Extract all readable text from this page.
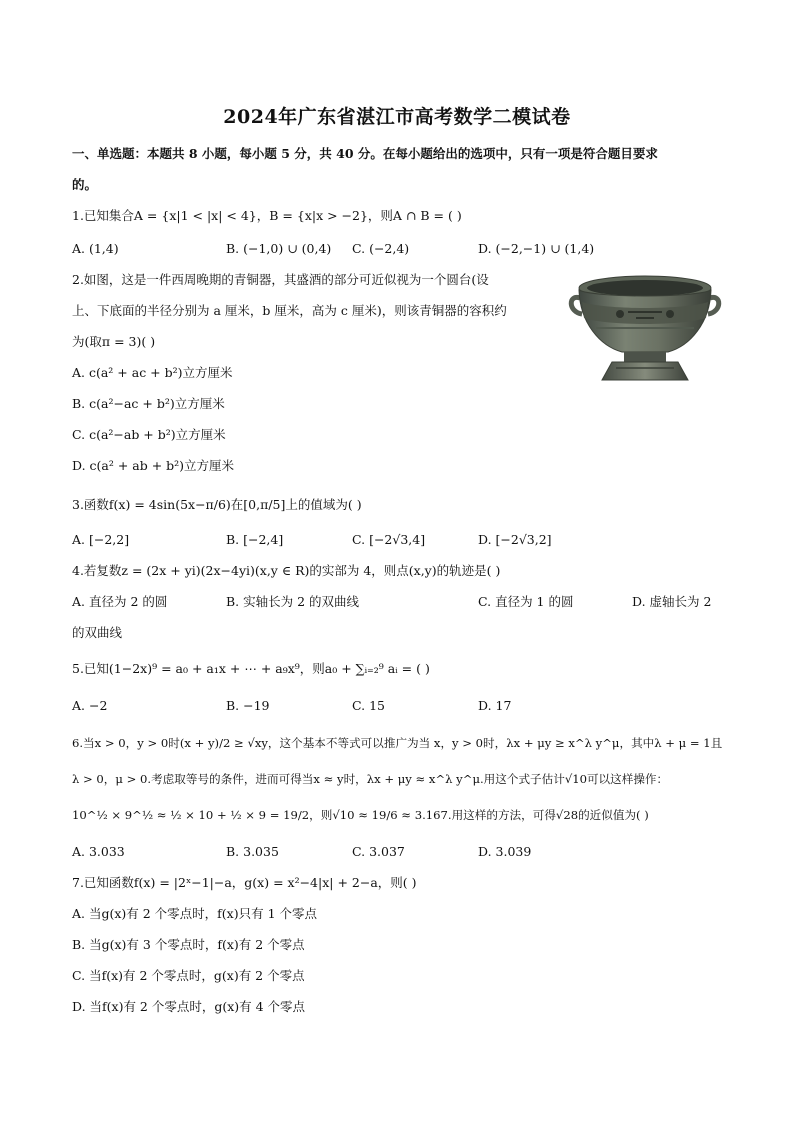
2024年广东省湛江市高考数学二模试卷
一、单选题：本题共 8 小题，每小题 5 分，共 40 分。在每小题给出的选项中，只有一项是符合题目要求
的。
1.已知集合A = {x|1 < |x| < 4}，B = {x|x > −2}，则A ∩ B = ( )
A. (1,4)	B. (−1,0) ∪ (0,4) C. (−2,4)	D. (−2,−1) ∪ (1,4)
2.如图，这是一件西周晚期的青铜器，其盛酒的部分可近似视为一个圆台(设
上、下底面的半径分别为 a 厘米，b 厘米，高为 c 厘米)，则该青铜器的容积约
为(取π = 3)( )
A. c(a² + ac + b²)立方厘米
B. c(a²−ac + b²)立方厘米
C. c(a²−ab + b²)立方厘米
D. c(a² + ab + b²)立方厘米
3.函数f(x) = 4sin(5x−π/6)在[0,π/5]上的值域为( )
A. [−2,2]	B. [−2,4]	C. [−2√3,4]	D. [−2√3,2]
4.若复数z = (2x + yi)(2x−4yi)(x,y ∈ R)的实部为 4，则点(x,y)的轨迹是( )
A. 直径为 2 的圆	B. 实轴长为 2 的双曲线	C. 直径为 1 的圆	D. 虚轴长为 2
的双曲线
5.已知(1−2x)⁹ = a₀ + a₁x + ⋯ + a₉x⁹，则a₀ + ∑ᵢ₌₂⁹ aᵢ = ( )
A. −2	B. −19	C. 15	D. 17
6.当x > 0，y > 0时(x + y)/2 ≥ √xy，这个基本不等式可以推广为当 x，y > 0时，λx + μy ≥ x^λ y^μ，其中λ + μ = 1且
λ > 0，μ > 0.考虑取等号的条件，进而可得当x ≈ y时，λx + μy ≈ x^λ y^μ.用这个式子估计√10可以这样操作：
10^½ × 9^½ ≈ ½ × 10 + ½ × 9 = 19/2，则√10 ≈ 19/6 ≈ 3.167.用这样的方法，可得√28的近似值为( )
A. 3.033	B. 3.035	C. 3.037	D. 3.039
7.已知函数f(x) = |2ˣ−1|−a，g(x) = x²−4|x| + 2−a，则( )
A. 当g(x)有 2 个零点时，f(x)只有 1 个零点
B. 当g(x)有 3 个零点时，f(x)有 2 个零点
C. 当f(x)有 2 个零点时，g(x)有 2 个零点
D. 当f(x)有 2 个零点时，g(x)有 4 个零点
